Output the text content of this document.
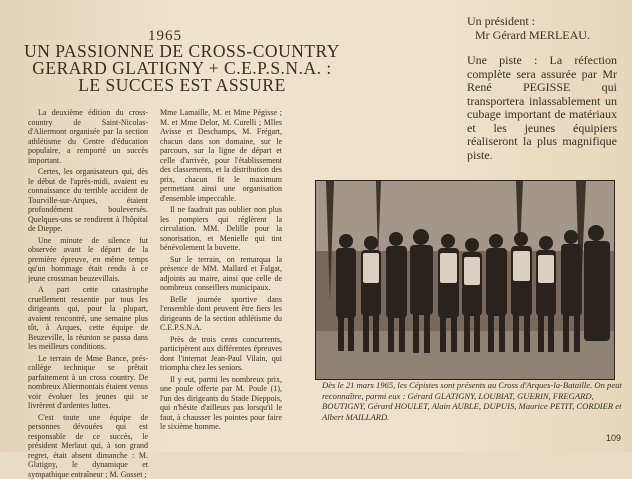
1965
UN PASSIONNE DE CROSS-COUNTRY
GERARD GLATIGNY + C.E.P.S.N.A. :
LE SUCCES EST ASSURE

La deuxième édition du cross-country de Saint-Nicolas-d'Aliermont organisée par la section athlétisme du Centre d'éducation populaire, a remporté un succès important.

Certes, les organisateurs qui, dès le début de l'après-midi, avaient eu connaissance du terrible accident de Tourville-sur-Arques, étaient profondément bouleversés. Quelques-uns se rendirent à l'hôpital de Dieppe.

Une minute de silence fut observée avant le départ de la première épreuve, en même temps qu'un hommage était rendu à ce jeune crossman beuzevillais.

A part cette catastrophe cruellement ressentie par tous les dirigeants qui, pour la plupart, avaient rencontré, une semaine plus tôt, à Arques, cette équipe de Beuzeville, la réunion se passa dans les meilleurs conditions.

Le terrain de Mme Bance, prés-collège technique se prêtait parfaitement à un cross country. De nombreux Aliermontais étaient venus voir évoluer les jeunes qui se livrèrent d'ardentes luttes.

C'est toute une équipe de personnes dévouées qui est responsable de ce succès, le président Merlaut qui, à son grand regret, était absent dimanche : M. Glatigny, le dynamique et sympathique entraîneur ; M. Gosset ;

Mme Lamaille, M. et Mme Pégisse ; M. et Mme Delor, M. Curelli ; Mlles Avisse et Deschamps, M. Frégart, chacun dans son domaine, sur le parcours, sur la ligne de départ et celle d'arrivée, pour l'établissement des classements, et la distribution des prix, chacun fit le maximum permettant ainsi une organisation d'ensemble impeccable.

Il ne faudrait pas oublier non plus les pompiers qui réglèrent la circulation. MM. Delille pour la sonorisation, et Menielle qui tint bénévolement la buvette.

Sur le terrain, on remarqua la présence de MM. Mallard et Falgat, adjoints au maire, ainsi que celle de nombreux conseillers municipaux.

Belle journée sportive dans l'ensemble dont peuvent être fiers les dirigeants de la section athlétisme du C.E.P.S.N.A.

Près de trois cents concurrents, participèrent aux différentes épreuves dont l'internat Jean-Paul Vilain, qui triompha chez les seniors.

Il y eut, parmi les nombreux prix, une poule offerte par M. Poule (1), l'un des dirigeants du Stade Dieppois, qui n'hésite d'ailleurs pas lorsqu'il le faut, à chausser les pointes pour faire le sixième homme.

Un président :
Mr Gérard MERLEAU.
Une piste : La réfection complète sera assurée par Mr René PEGISSE qui transportera inlassablement un cubage important de matériaux et les jeunes équipiers réaliseront la plus magnifique piste.
Dès le 21 mars 1965, les Cépistes sont présents au Cross d'Arques-la-Bataille. On peut reconnaître, parmi eux : Gérard GLATIGNY, LOUBIAT, GUERIN, FREGARD, BOUTIGNY, Gérard HOULET, Alain AUBLE, DUPUIS, Maurice PETIT, CORDIER et Albert MAILLARD.
109
